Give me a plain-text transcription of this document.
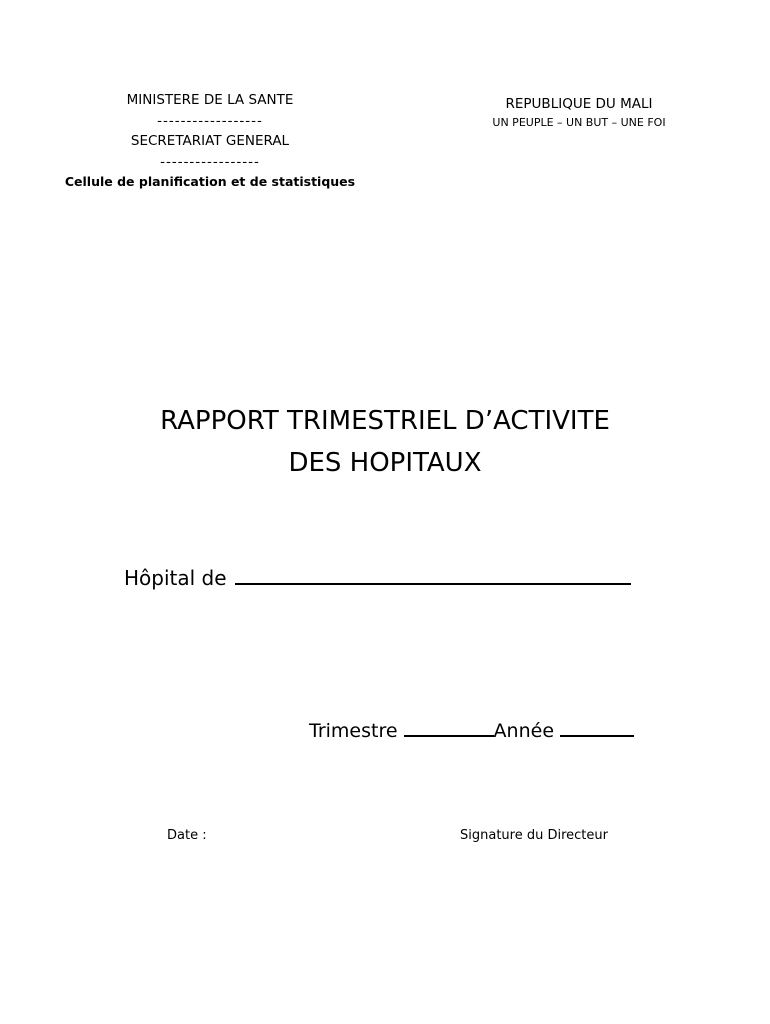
MINISTERE DE LA SANTE
------------------
SECRETARIAT GENERAL
-----------------
Cellule de planification et de statistiques
REPUBLIQUE DU MALI
UN PEUPLE – UN BUT – UNE FOI
RAPPORT TRIMESTRIEL D’ACTIVITE
DES HOPITAUX
Hôpital de
Trimestre	Année
Date :	Signature du Directeur
